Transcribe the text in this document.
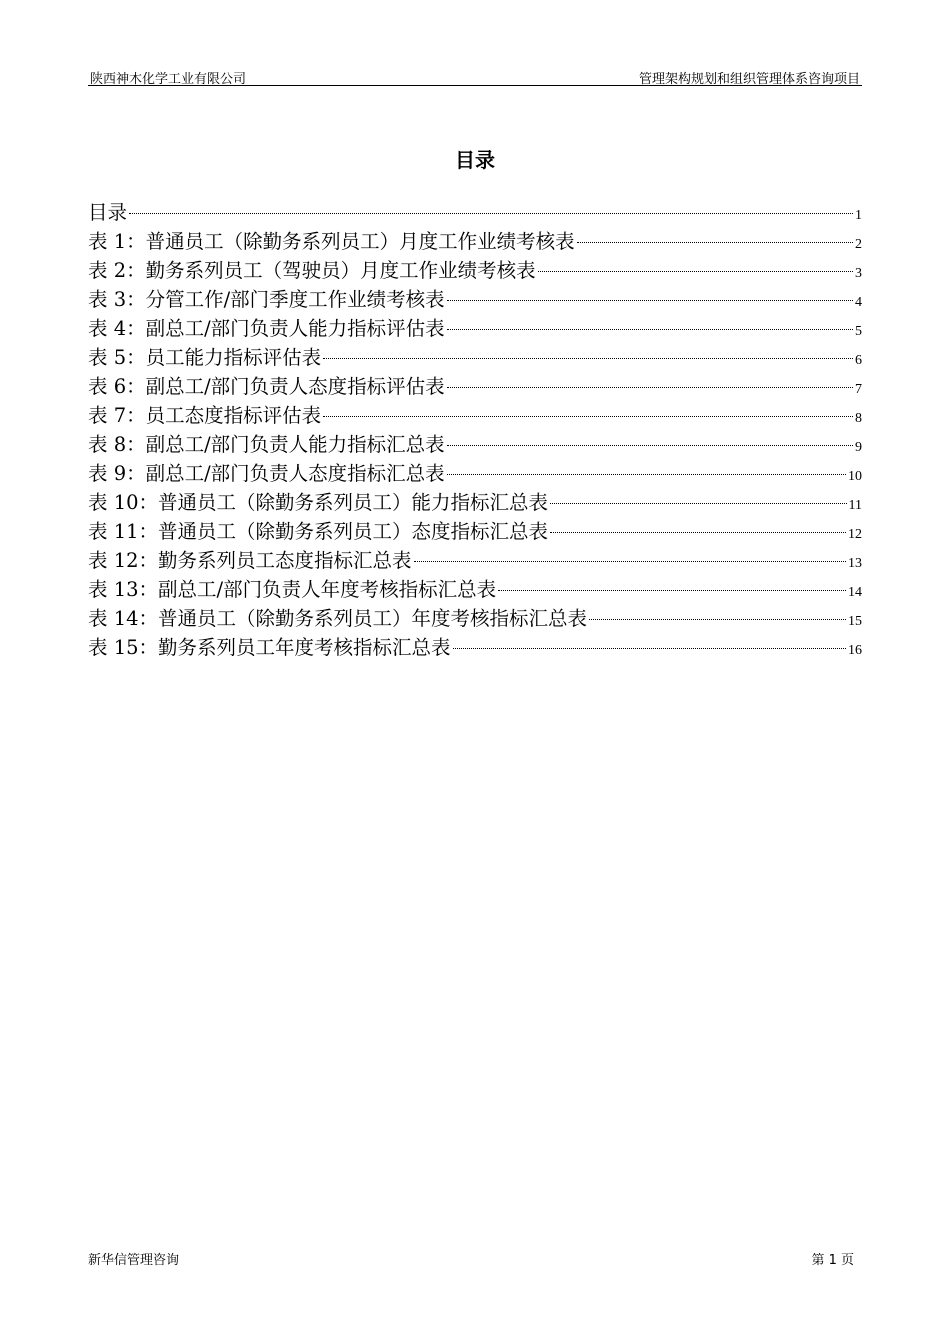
陕西神木化学工业有限公司	管理架构规划和组织管理体系咨询项目
目录
目录	1
表 1：普通员工（除勤务系列员工）月度工作业绩考核表	2
表 2：勤务系列员工（驾驶员）月度工作业绩考核表	3
表 3：分管工作/部门季度工作业绩考核表	4
表 4：副总工/部门负责人能力指标评估表	5
表 5：员工能力指标评估表	6
表 6：副总工/部门负责人态度指标评估表	7
表 7：员工态度指标评估表	8
表 8：副总工/部门负责人能力指标汇总表	9
表 9：副总工/部门负责人态度指标汇总表	10
表 10：普通员工（除勤务系列员工）能力指标汇总表	11
表 11：普通员工（除勤务系列员工）态度指标汇总表	12
表 12：勤务系列员工态度指标汇总表	13
表 13：副总工/部门负责人年度考核指标汇总表	14
表 14：普通员工（除勤务系列员工）年度考核指标汇总表	15
表 15：勤务系列员工年度考核指标汇总表	16
新华信管理咨询	第 1 页
